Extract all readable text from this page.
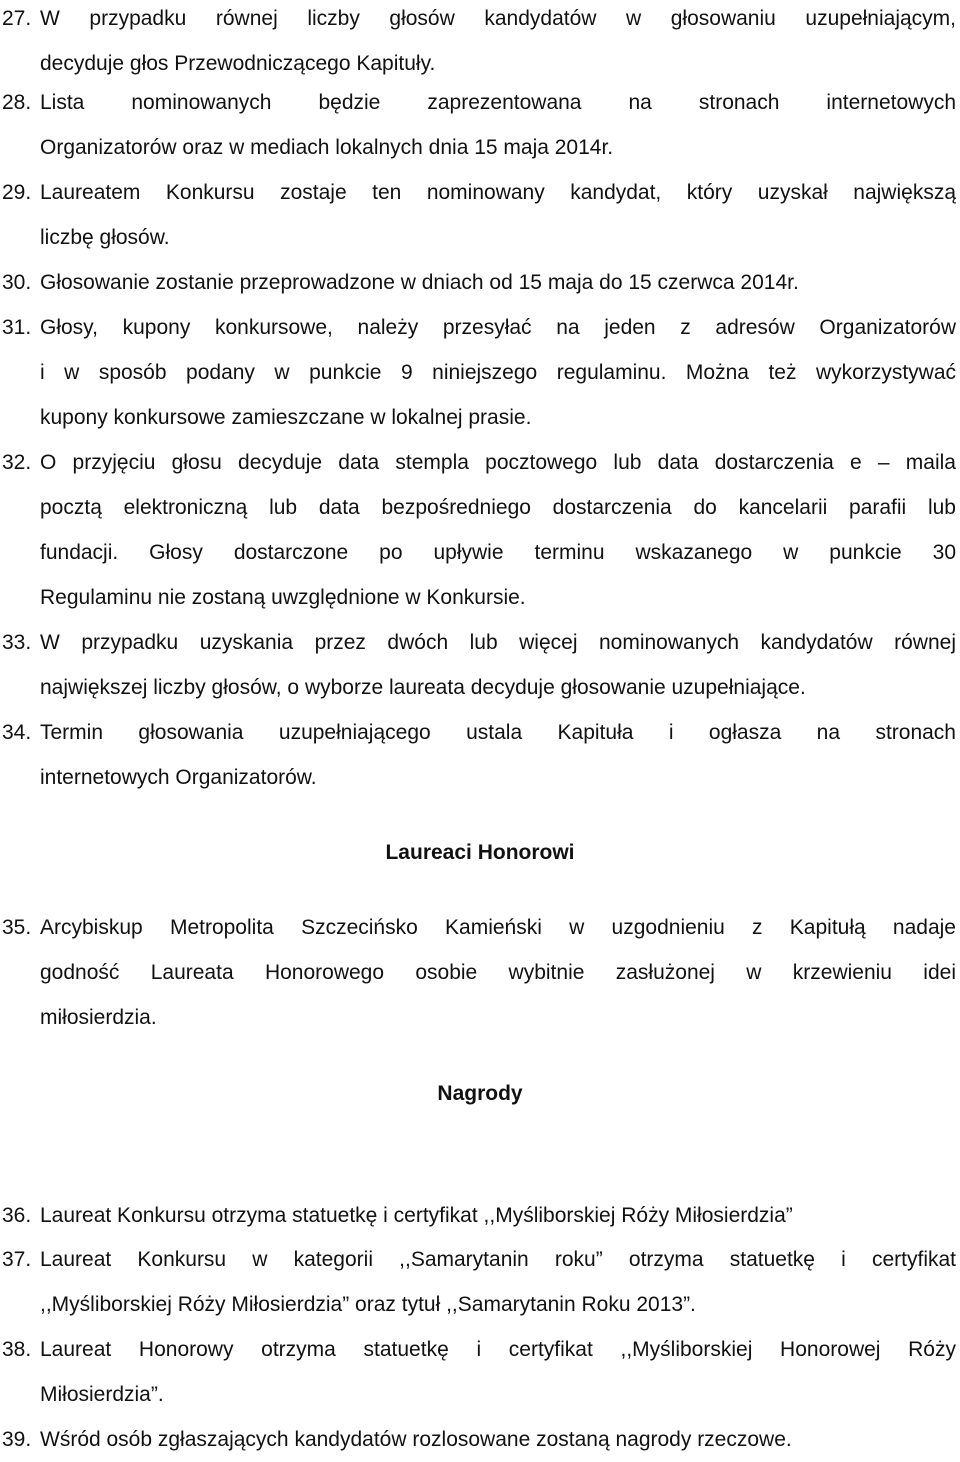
27. W przypadku równej liczby głosów kandydatów w głosowaniu uzupełniającym,
decyduje głos Przewodniczącego Kapituły.
28. Lista nominowanych będzie zaprezentowana na stronach internetowych
Organizatorów oraz w mediach lokalnych dnia 15 maja 2014r.
29. Laureatem Konkursu zostaje ten nominowany kandydat, który uzyskał największą
liczbę głosów.
30. Głosowanie zostanie przeprowadzone w dniach od 15 maja do 15 czerwca 2014r.
31. Głosy, kupony konkursowe, należy przesyłać na jeden z adresów Organizatorów
i w sposób podany w punkcie 9 niniejszego regulaminu. Można też wykorzystywać
kupony konkursowe zamieszczane w lokalnej prasie.
32. O przyjęciu głosu decyduje data stempla pocztowego lub data dostarczenia e – maila
pocztą elektroniczną lub data bezpośredniego dostarczenia do kancelarii parafii lub
fundacji. Głosy dostarczone po upływie terminu wskazanego w punkcie 30
Regulaminu nie zostaną uwzględnione w Konkursie.
33. W przypadku uzyskania przez dwóch lub więcej nominowanych kandydatów równej
największej liczby głosów, o wyborze laureata decyduje głosowanie uzupełniające.
34. Termin głosowania uzupełniającego ustala Kapituła i ogłasza na stronach
internetowych Organizatorów.
Laureaci Honorowi
35. Arcybiskup Metropolita Szczecińsko Kamieński w uzgodnieniu z Kapitułą nadaje
godność Laureata Honorowego osobie wybitnie zasłużonej w krzewieniu idei
miłosierdzia.
Nagrody
36. Laureat Konkursu otrzyma statuetkę i certyfikat ,,Myśliborskiej Róży Miłosierdzia”
37. Laureat Konkursu w kategorii ,,Samarytanin roku” otrzyma statuetkę i certyfikat
,,Myśliborskiej Róży Miłosierdzia” oraz tytuł ,,Samarytanin Roku 2013”.
38. Laureat Honorowy otrzyma statuetkę i certyfikat ,,Myśliborskiej Honorowej Róży
Miłosierdzia”.
39. Wśród osób zgłaszających kandydatów rozlosowane zostaną nagrody rzeczowe.
